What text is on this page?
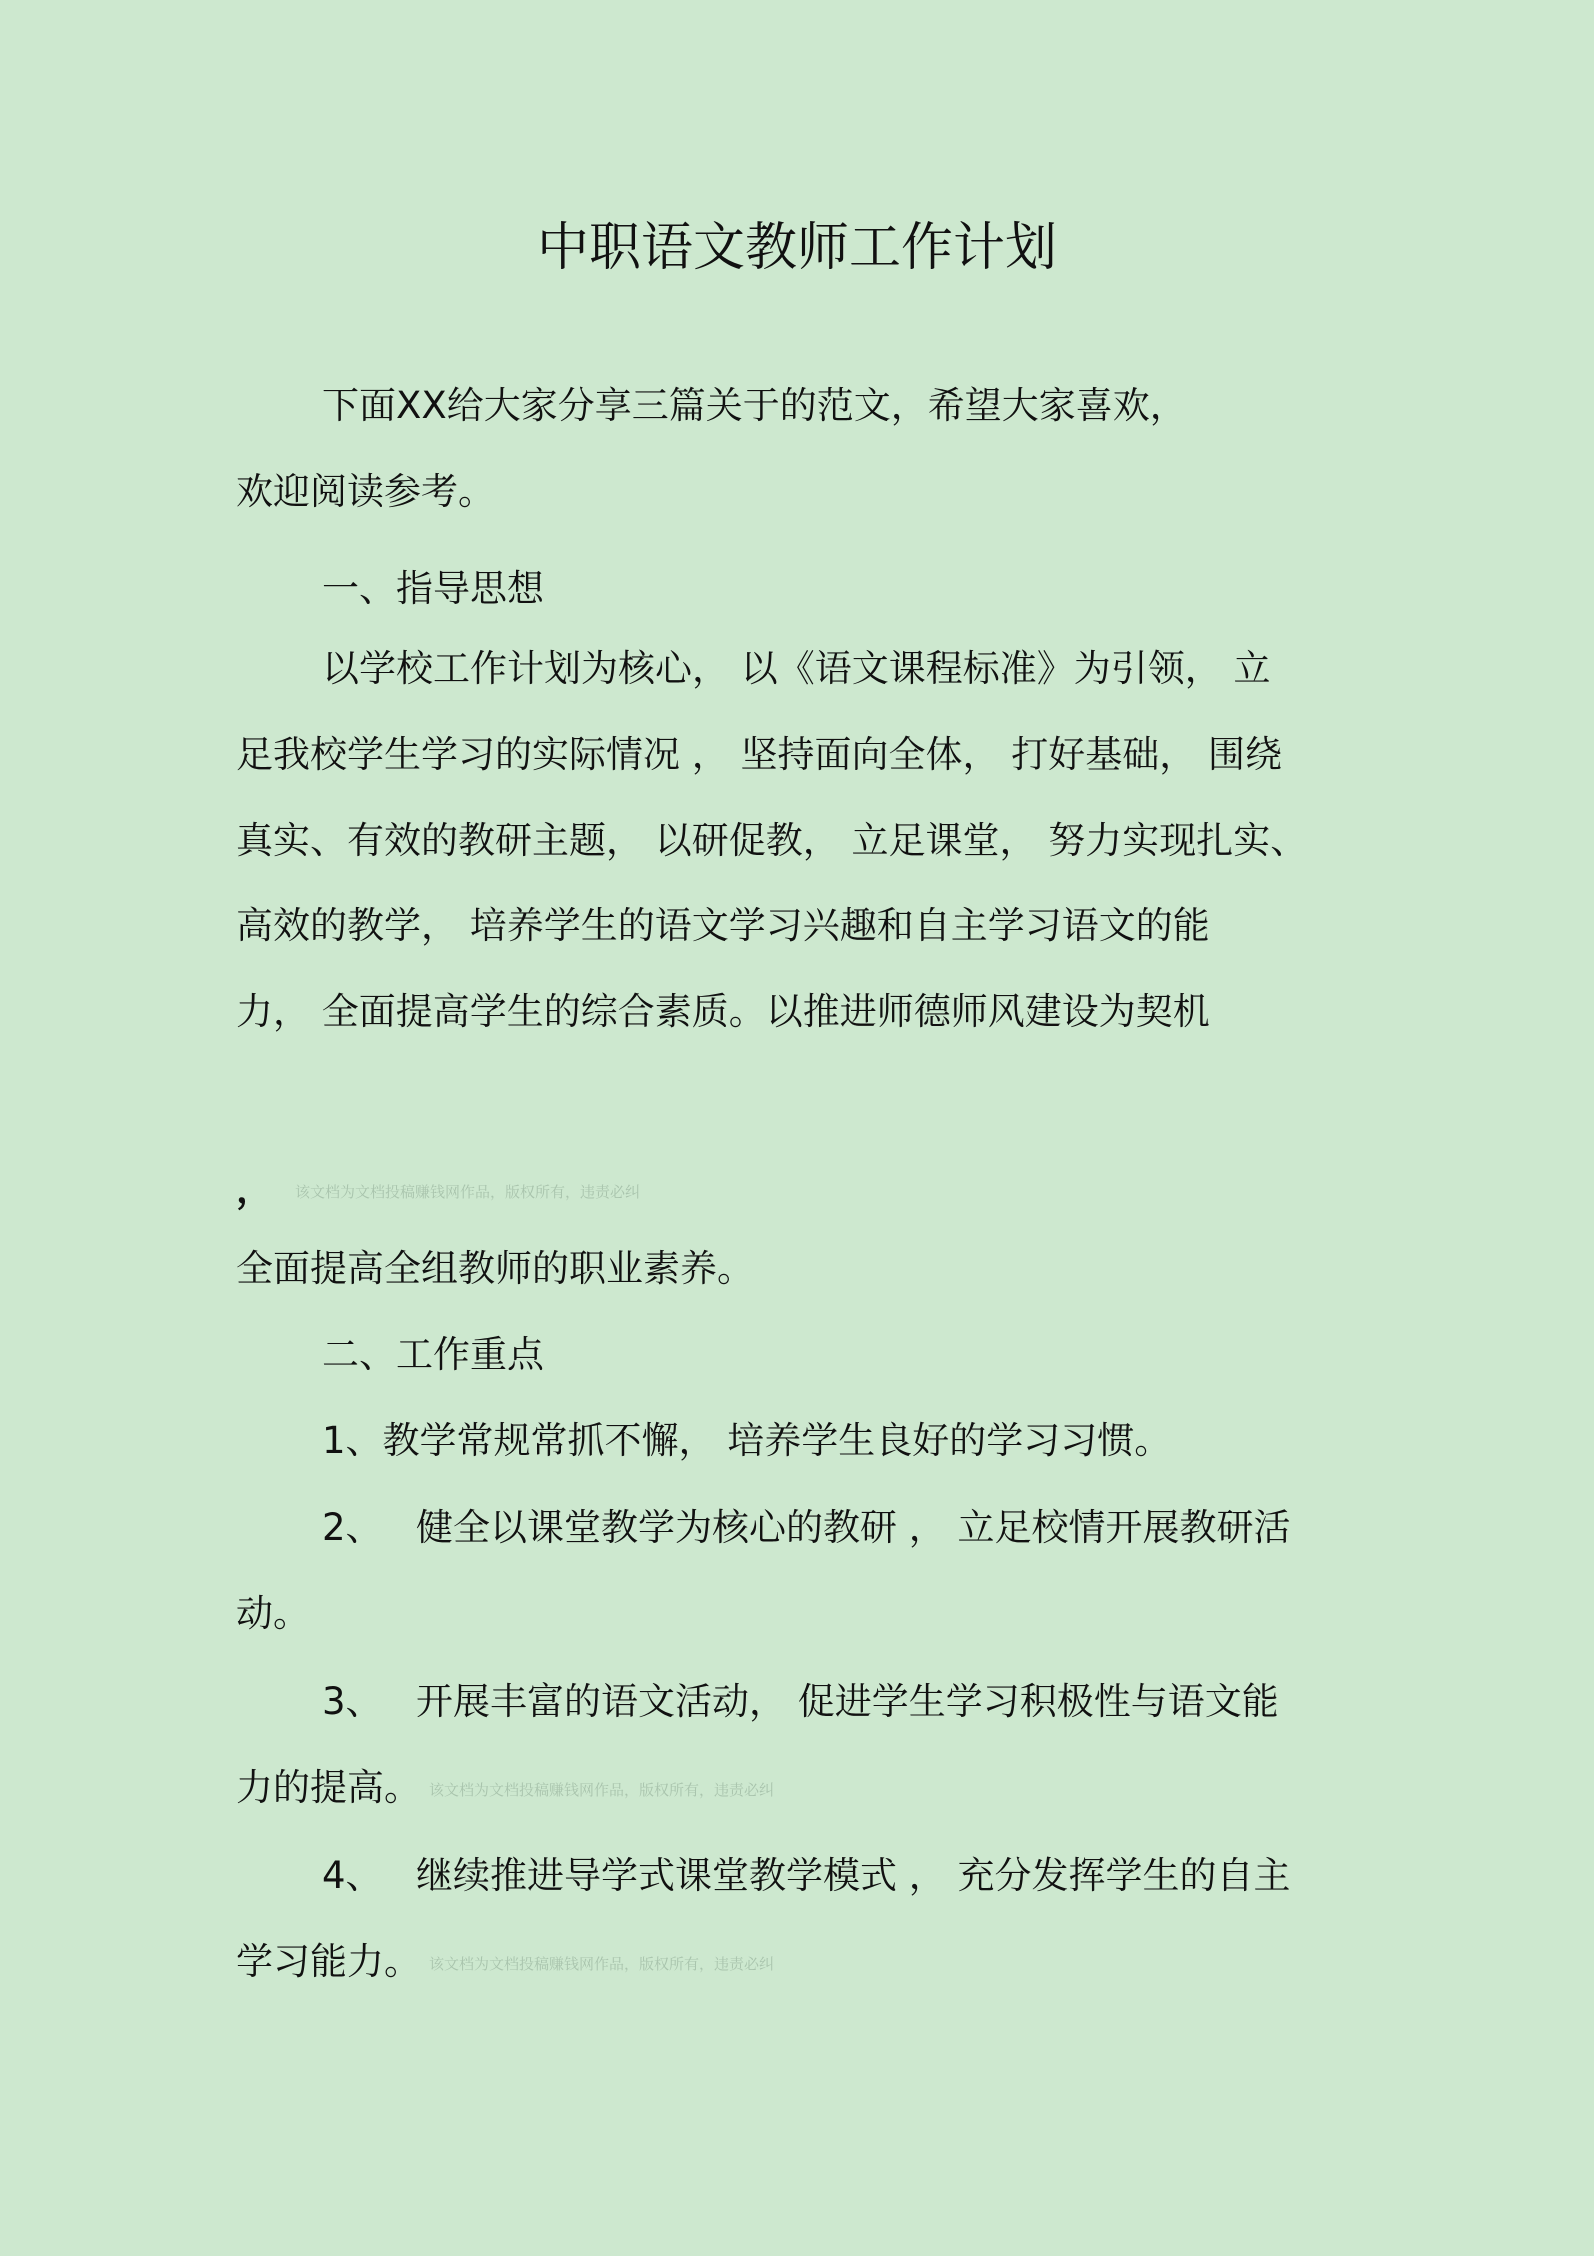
中职语文教师工作计划
下面XX给大家分享三篇关于的范文，希望大家喜欢，
欢迎阅读参考。
一、指导思想
以学校工作计划为核心， 以《语文课程标准》为引领， 立
足我校学生学习的实际情况 ， 坚持面向全体， 打好基础， 围绕
真实、有效的教研主题， 以研促教， 立足课堂， 努力实现扎实、
高效的教学， 培养学生的语文学习兴趣和自主学习语文的能
力， 全面提高学生的综合素质。以推进师德师风建设为契机
， 该文档为文档投稿赚钱网作品，版权所有，违责必纠
全面提高全组教师的职业素养。
二、工作重点
1、教学常规常抓不懈， 培养学生良好的学习习惯。
2、 健全以课堂教学为核心的教研 ， 立足校情开展教研活
动。
3、 开展丰富的语文活动， 促进学生学习积极性与语文能
力的提高。 该文档为文档投稿赚钱网作品，版权所有，违责必纠
4、 继续推进导学式课堂教学模式 ， 充分发挥学生的自主
学习能力。 该文档为文档投稿赚钱网作品，版权所有，违责必纠
